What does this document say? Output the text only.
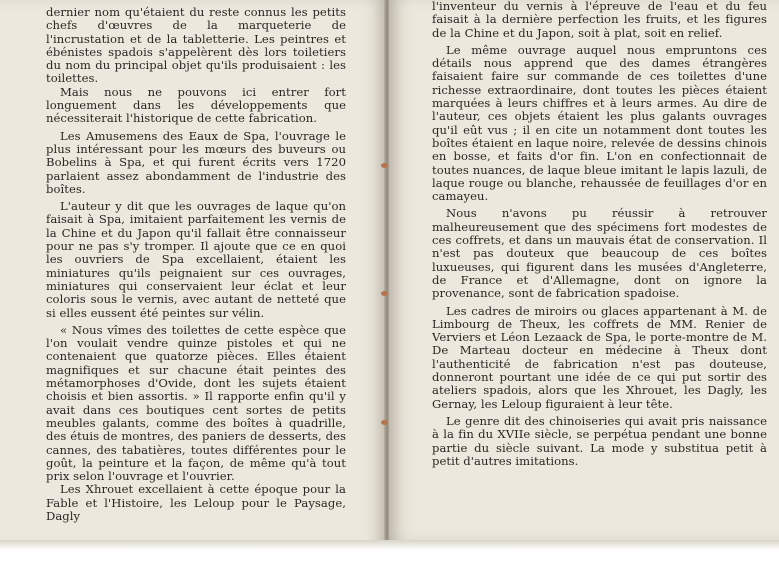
dernier nom qu'étaient du reste connus les petits chefs d'œuvres de la marqueterie de l'incrustation et de la tabletterie. Les peintres et ébénistes spadois s'appelèrent dès lors toiletiers du nom du principal objet qu'ils produisaient : les toilettes.

Mais nous ne pouvons ici entrer fort longuement dans les développements que nécessiterait l'historique de cette fabrication.

Les Amusemens des Eaux de Spa, l'ouvrage le plus intéressant pour les mœurs des buveurs ou Bobelins à Spa, et qui furent écrits vers 1720 parlaient assez abondamment de l'industrie des boîtes.

L'auteur y dit que les ouvrages de laque qu'on faisait à Spa, imitaient parfaitement les vernis de la Chine et du Japon qu'il fallait être connaisseur pour ne pas s'y tromper. Il ajoute que ce en quoi les ouvriers de Spa excellaient, étaient les miniatures qu'ils peignaient sur ces ouvrages, miniatures qui conservaient leur éclat et leur coloris sous le vernis, avec autant de netteté que si elles eussent été peintes sur vélin.

« Nous vîmes des toilettes de cette espèce que l'on voulait vendre quinze pistoles et qui ne contenaient que quatorze pièces. Elles étaient magnifiques et sur chacune était peintes des métamorphoses d'Ovide, dont les sujets étaient choisis et bien assortis. » Il rapporte enfin qu'il y avait dans ces boutiques cent sortes de petits meubles galants, comme des boîtes à quadrille, des étuis de montres, des paniers de desserts, des cannes, des tabatières, toutes différentes pour le goût, la peinture et la façon, de même qu'à tout prix selon l'ouvrage et l'ouvrier.

Les Xhrouet excellaient à cette époque pour la Fable et l'Histoire, les Leloup pour le Paysage, Dagly

l'inventeur du vernis à l'épreuve de l'eau et du feu faisait à la dernière perfection les fruits, et les figures de la Chine et du Japon, soit à plat, soit en relief.

Le même ouvrage auquel nous empruntons ces détails nous apprend que des dames étrangères faisaient faire sur commande de ces toilettes d'une richesse extraordinaire, dont toutes les pièces étaient marquées à leurs chiffres et à leurs armes. Au dire de l'auteur, ces objets étaient les plus galants ouvrages qu'il eût vus ; il en cite un notamment dont toutes les boîtes étaient en laque noire, relevée de dessins chinois en bosse, et faits d'or fin. L'on en confectionnait de toutes nuances, de laque bleue imitant le lapis lazuli, de laque rouge ou blanche, rehaussée de feuillages d'or en camayeu.

Nous n'avons pu réussir à retrouver malheureusement que des spécimens fort modestes de ces coffrets, et dans un mauvais état de conservation. Il n'est pas douteux que beaucoup de ces boîtes luxueuses, qui figurent dans les musées d'Angleterre, de France et d'Allemagne, dont on ignore la provenance, sont de fabrication spadoise.

Les cadres de miroirs ou glaces appartenant à M. de Limbourg de Theux, les coffrets de MM. Renier de Verviers et Léon Lezaack de Spa, le porte-montre de M. De Marteau docteur en médecine à Theux dont l'authenticité de fabrication n'est pas douteuse, donneront pourtant une idée de ce qui put sortir des ateliers spadois, alors que les Xhrouet, les Dagly, les Gernay, les Leloup figuraient à leur tête.

Le genre dit des chinoiseries qui avait pris naissance à la fin du XVIIe siècle, se perpétua pendant une bonne partie du siècle suivant. La mode y substitua petit à petit d'autres imitations.
